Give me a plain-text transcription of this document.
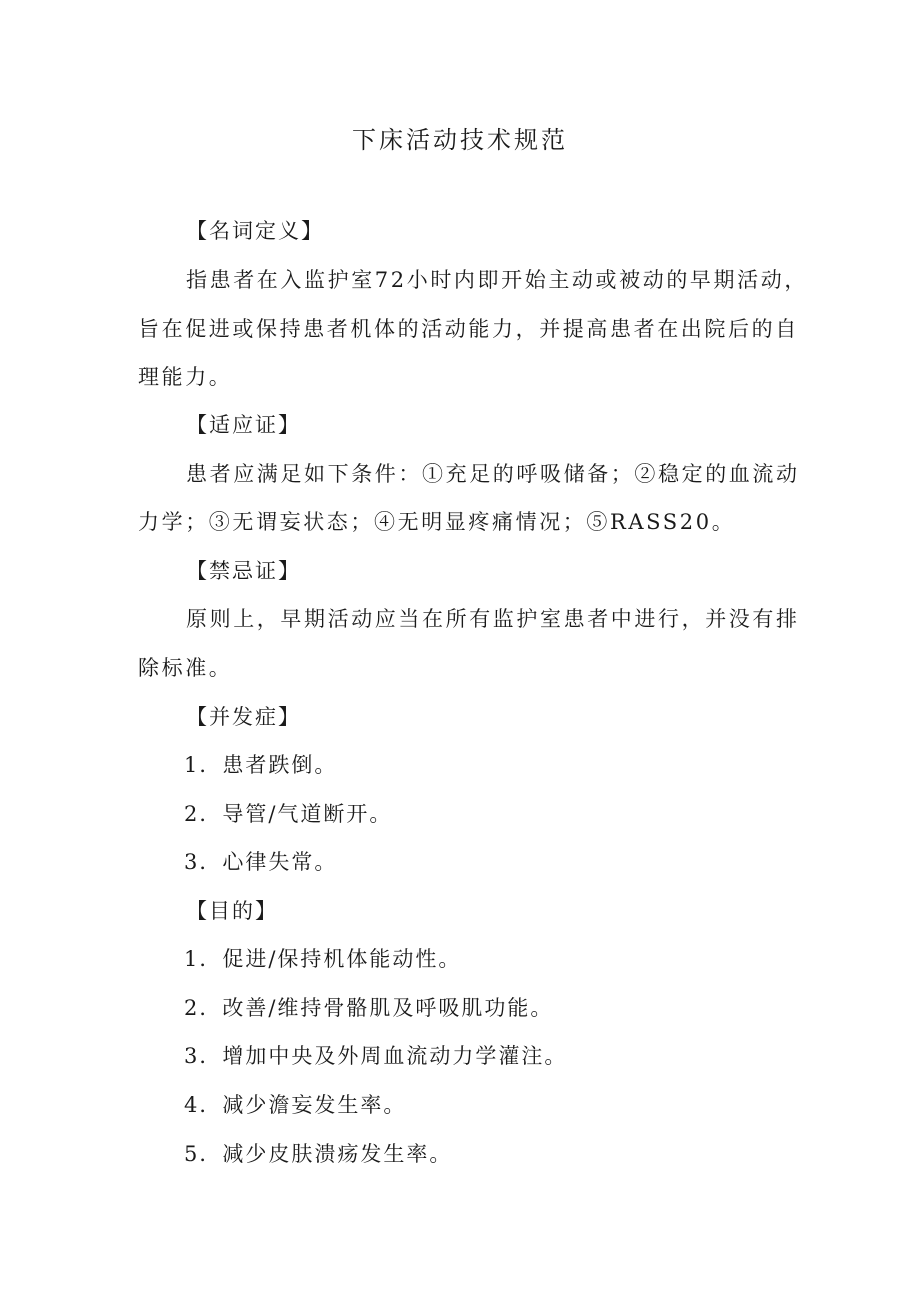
下床活动技术规范
【名词定义】
指患者在入监护室72小时内即开始主动或被动的早期活动，
旨在促进或保持患者机体的活动能力，并提高患者在出院后的自
理能力。
【适应证】
患者应满足如下条件：①充足的呼吸储备；②稳定的血流动
力学；③无谓妄状态；④无明显疼痛情况；⑤RASS20。
【禁忌证】
原则上，早期活动应当在所有监护室患者中进行，并没有排
除标准。
【并发症】
1．患者跌倒。
2．导管/气道断开。
3．心律失常。
【目的】
1．促进/保持机体能动性。
2．改善/维持骨骼肌及呼吸肌功能。
3．增加中央及外周血流动力学灌注。
4．减少澹妄发生率。
5．减少皮肤溃疡发生率。
